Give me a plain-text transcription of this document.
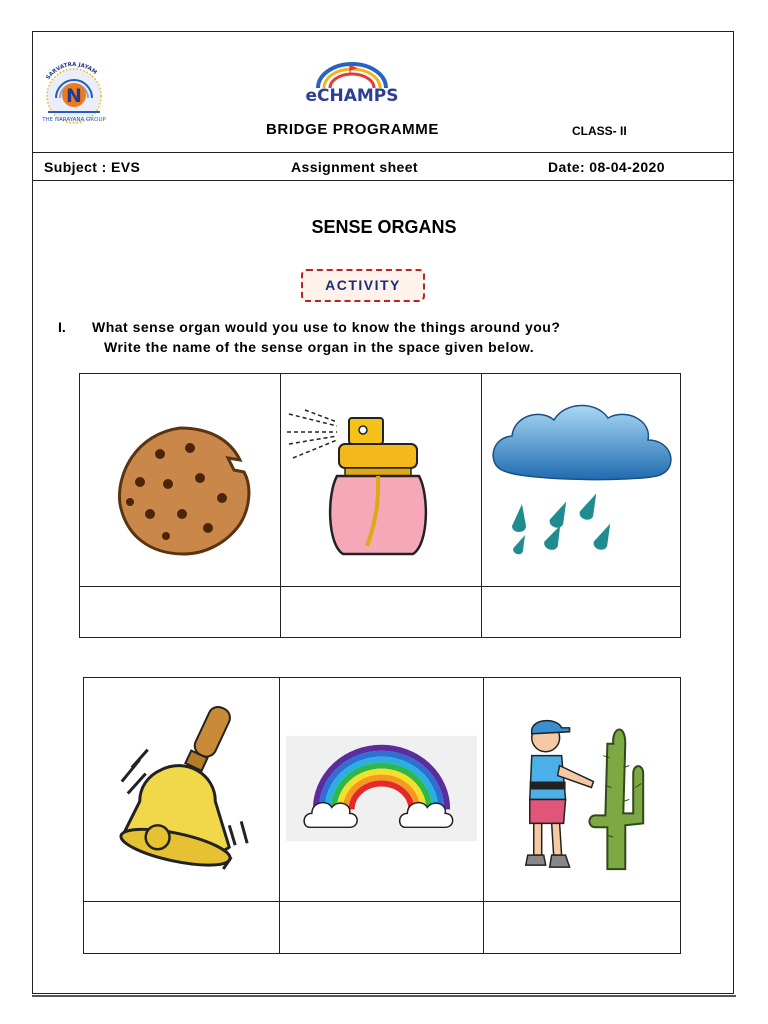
N
SARVATRA JAYAM
THE NARAYANA GROUP
eCHAMPS
BRIDGE PROGRAMME	CLASS- II
Subject : EVS	Assignment sheet	Date: 08-04-2020
SENSE ORGANS
ACTIVITY
I. What sense organ would you use to know the things around you?
Write the name of the sense organ in the space given below.
